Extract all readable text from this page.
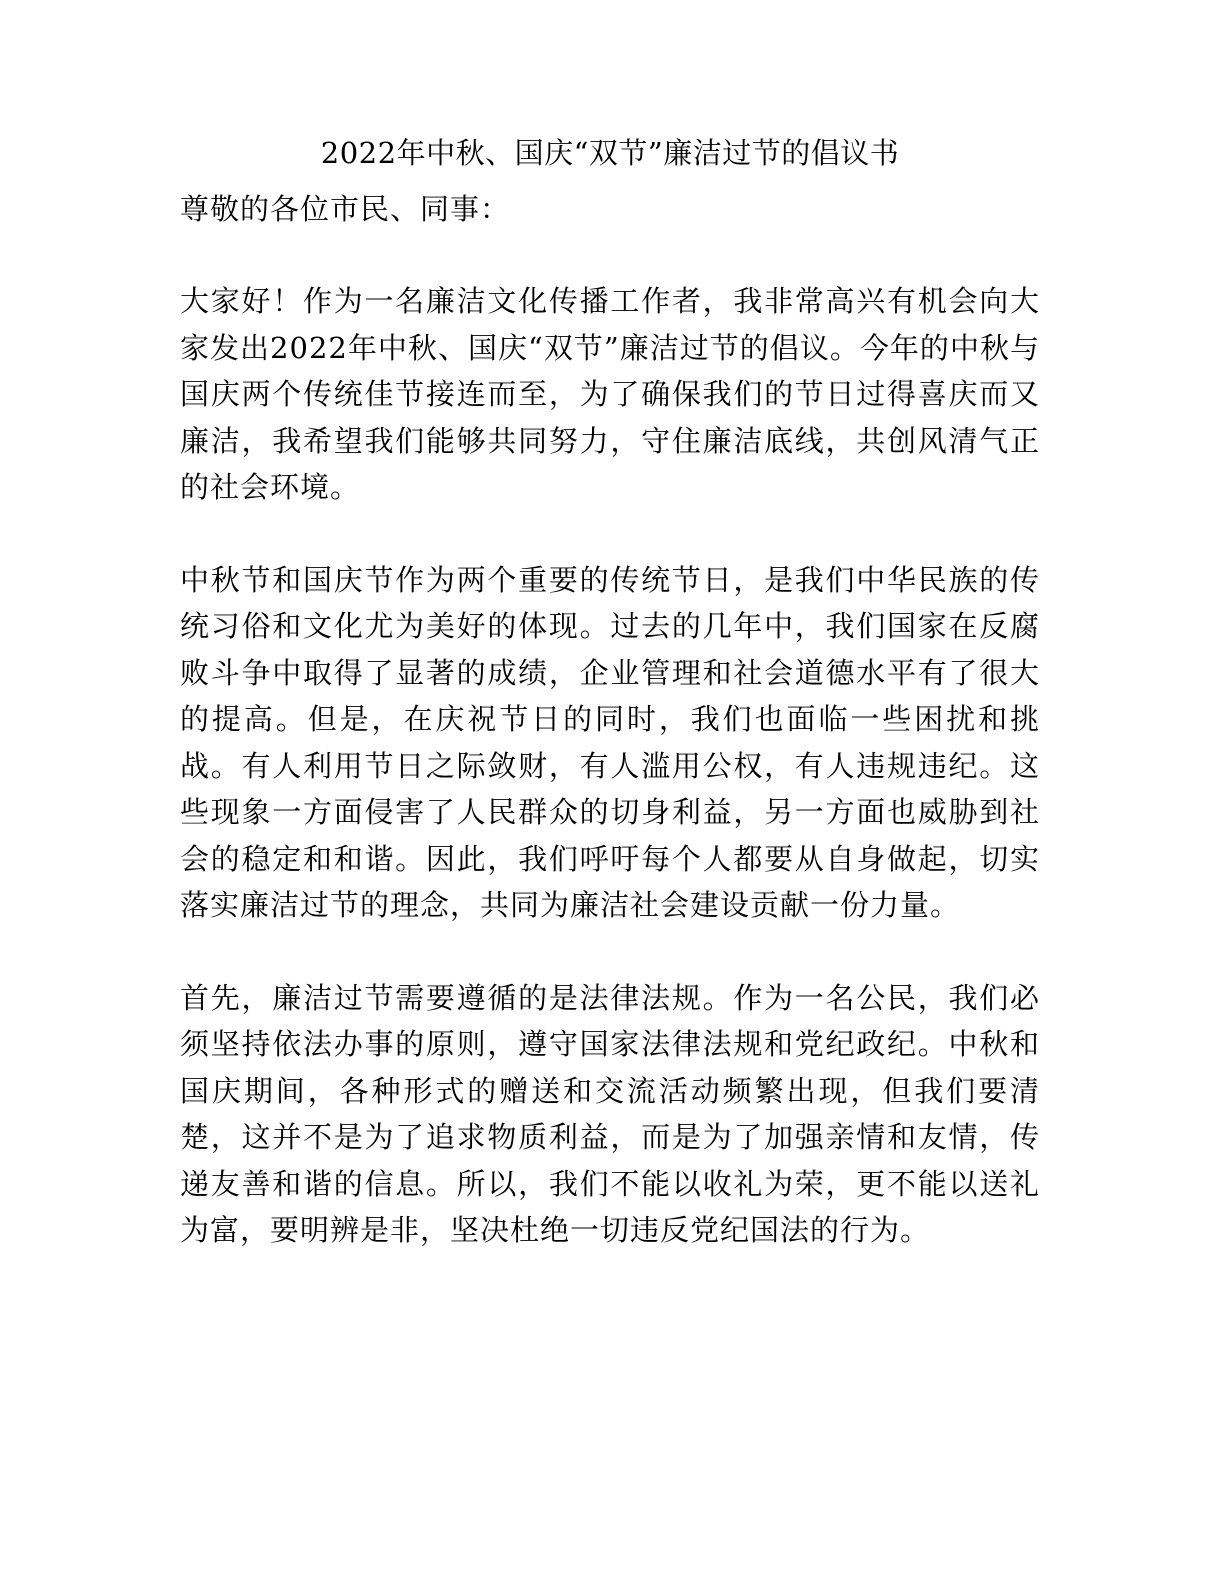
2022年中秋、国庆“双节”廉洁过节的倡议书

尊敬的各位市民、同事：

大家好！作为一名廉洁文化传播工作者，我非常高兴有机会向大家发出2022年中秋、国庆“双节”廉洁过节的倡议。今年的中秋与国庆两个传统佳节接连而至，为了确保我们的节日过得喜庆而又廉洁，我希望我们能够共同努力，守住廉洁底线，共创风清气正的社会环境。

中秋节和国庆节作为两个重要的传统节日，是我们中华民族的传统习俗和文化尤为美好的体现。过去的几年中，我们国家在反腐败斗争中取得了显著的成绩，企业管理和社会道德水平有了很大的提高。但是，在庆祝节日的同时，我们也面临一些困扰和挑战。有人利用节日之际敛财，有人滥用公权，有人违规违纪。这些现象一方面侵害了人民群众的切身利益，另一方面也威胁到社会的稳定和和谐。因此，我们呼吁每个人都要从自身做起，切实落实廉洁过节的理念，共同为廉洁社会建设贡献一份力量。

首先，廉洁过节需要遵循的是法律法规。作为一名公民，我们必须坚持依法办事的原则，遵守国家法律法规和党纪政纪。中秋和国庆期间，各种形式的赠送和交流活动频繁出现，但我们要清楚，这并不是为了追求物质利益，而是为了加强亲情和友情，传递友善和谐的信息。所以，我们不能以收礼为荣，更不能以送礼为富，要明辨是非，坚决杜绝一切违反党纪国法的行为。
